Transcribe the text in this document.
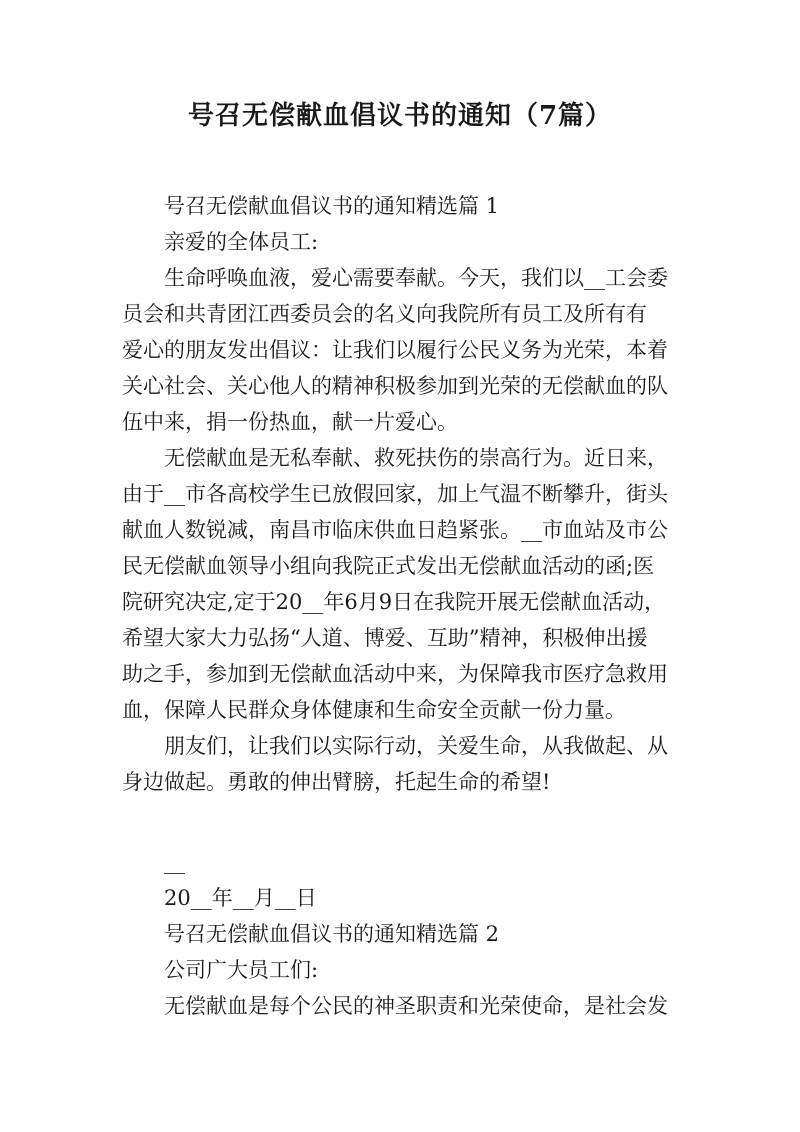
号召无偿献血倡议书的通知（7篇）

号召无偿献血倡议书的通知精选篇 1

亲爱的全体员工:

生命呼唤血液，爱心需要奉献。今天，我们以__工会委

员会和共青团江西委员会的名义向我院所有员工及所有有

爱心的朋友发出倡议：让我们以履行公民义务为光荣，本着

关心社会、关心他人的精神积极参加到光荣的无偿献血的队

伍中来，捐一份热血，献一片爱心。

无偿献血是无私奉献、救死扶伤的崇高行为。近日来，

由于__市各高校学生已放假回家，加上气温不断攀升，街头

献血人数锐减，南昌市临床供血日趋紧张。__市血站及市公

民无偿献血领导小组向我院正式发出无偿献血活动的函;医

院研究决定,定于20__年6月9日在我院开展无偿献血活动，

希望大家大力弘扬“人道、博爱、互助”精神，积极伸出援

助之手，参加到无偿献血活动中来，为保障我市医疗急救用

血，保障人民群众身体健康和生命安全贡献一份力量。

朋友们，让我们以实际行动，关爱生命，从我做起、从

身边做起。勇敢的伸出臂膀，托起生命的希望!

__

20__年__月__日

号召无偿献血倡议书的通知精选篇 2

公司广大员工们:

无偿献血是每个公民的神圣职责和光荣使命，是社会发
